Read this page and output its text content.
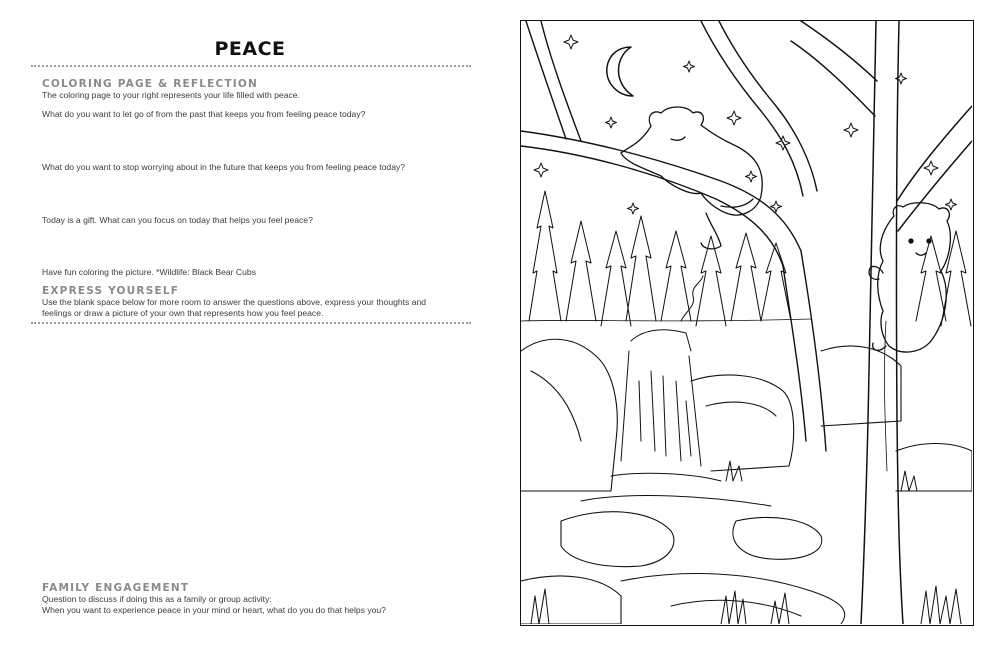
PEACE
COLORING PAGE & REFLECTION

The coloring page to your right represents your life filled with peace.

What do you want to let go of from the past that keeps you from feeling peace today?

What do you want to stop worrying about in the future that keeps you from feeling peace today?

Today is a gift. What can you focus on today that helps you feel peace?

Have fun coloring the picture. *Wildlife: Black Bear Cubs

EXPRESS YOURSELF

Use the blank space below for more room to answer the questions above, express your thoughts and

feelings or draw a picture of your own that represents how you feel peace.

FAMILY ENGAGEMENT

Question to discuss if doing this as a family or group activity:

When you want to experience peace in your mind or heart, what do you do that helps you?
